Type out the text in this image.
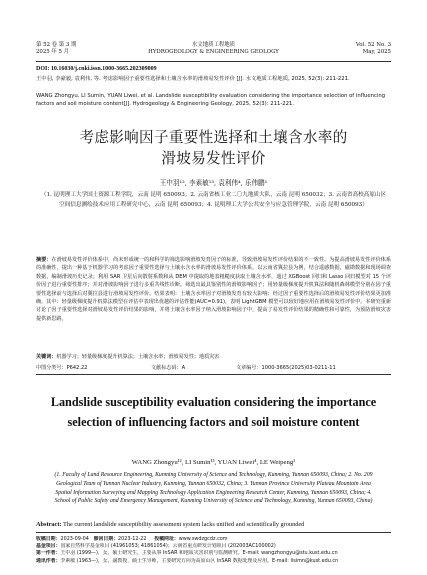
第 52 卷 第 3 期
2025 年 5 月
水文地质工程地质
HYDROGEOLOGY & ENGINEERING GEOLOGY
Vol. 52 No. 3
May, 2025
DOI: 10.16030/j.cnki.issn.1000-3665.202309009
王中羽, 李豪毅, 袁利伟, 等. 考虑影响因子重要性选择和土壤含水率的滑坡易发性评价 [J]. 水文地质工程地质, 2025, 52(3): 211-221.
WANG Zhongyu, LI Sumin, YUAN Liwei, et al. Landslide susceptibility evaluation considering the importance selection of influencing factors and soil moisture content[J]. Hydrogeology & Engineering Geology, 2025, 52(3): 211-221.
考虑影响因子重要性选择和土壤含水率的
滑坡易发性评价
王中羽¹², 李素敏¹³, 袁利伟⁴, 乐伟鹏¹
（1. 昆明理工大学国土资源工程学院，云南 昆明 650093；2. 云南省核工业二〇九地质大队，云南 昆明 650032；3. 云南省高校高原山区空间信息测绘技术应用工程研究中心，云南 昆明 650093；4. 昆明理工大学公共安全与应急管理学院，云南 昆明 650093）
摘要：在滑坡易发性评价体系中，尚未形成统一的和科学的筛选影响滑坡发育因子的标准，导致滑坡易发性评价结果的不一致性。为提高滑坡易发性评价体系的准确性，提出一种基于机器学习的考虑因子重要性选择与土壤水含水率的滑坡易发性评价体系。以云南省冀拉县为例，结合遥感数据、磁勘数据和现场调查数据，编制滑坡历史记录；利用 SAR 卫星后向散射系数和从 DEM 中提取的地表粗糙度获取土壤含水率，通过 XGBoost 回归和 Lasso 回归模型对 15 个评价因子进行重要性排序；并对滑坡影响因子进行多重共线性诊断，筛选出最具鉴别性的滑坡影响因子；用轻量级梯度提升机算法和随机森林模型分别在因子重要性选择前与选择后对冀拉县进行滑坡易发性评价。结果表明：土壤含水率因子对滑坡发育有较大影响；经过因子重要性选择后的滑坡易发性评价结果更加准确，其中：轻量级梯度提升机算法模型在评估中表现出优越的评估性能(AUC=0.91)，表明 LightGBM 模型可以较好地应用在滑坡易发性评价中。本研究重新讨论了因子重要性选择对滑坡易发性评价结果的影响，并将土壤含水率因子纳入滑坡影响因子中，提高了易发性评价结果的精确性和可靠性，为预防滑坡灾害提供新思路。
关键词：机器学习；轻量级梯度提升机算法；土壤含水率；滑坡易发性；地质灾害
中图分类号：P642.22	文献标志码：A	文章编号：1000-3665(2025)03-0211-11
Landslide susceptibility evaluation considering the importance
selection of influencing factors and soil moisture content
WANG Zhongyu¹², LI Sumin¹³, YUAN Liwei⁴, LE Weipeng¹
(1. Faculty of Land Resource Engineering, Kunming University of Science and Technology, Kunming, Yunnan 650093, China; 2. No. 209 Geological Team of Yunnan Nuclear Industry, Kunming, Yunnan 650032, China; 3. Yunnan Province University Plateau Mountain Area Spatial Information Surveying and Mapping Technology Application Engineering Research Center, Kunming, Yunnan 650093, China; 4. School of Public Safety and Emergency Management, Kunming University of Science and Technology, Kunming, Yunnan 650093, China)
Abstract: The current landslide susceptibility assessment system lacks unified and scientifically grounded
收稿日期：2023-09-04 修回日期：2023-12-22 投稿网址：www.swdzgcdz.com
基金项目：国家自然科学基金项目 (41961053; 41861054)；云南省重点研发计划项目 (202003AC100002)
第一作者：王中羽 (1999—)，女，硕士研究生，主要从事 InSAR 和地质灾害识别与监测研究。E-mail: wangzhongyu@stu.kust.edu.cn
通讯作者：李素敏 (1963—)，女，副教授，硕士生导师，主要研究方向为高原山区 InSAR 数据处理及应用。E-mail: lisimn@kust.edu.cn
